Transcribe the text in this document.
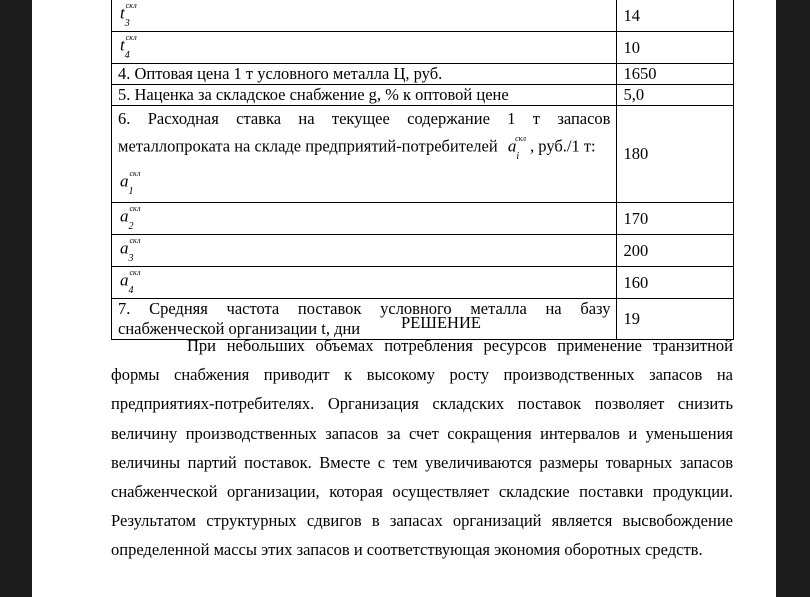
$t_3^{скл}$	14
$t_4^{скл}$	10
4. Оптовая цена 1 т условного металла Ц, руб.	1650
5. Наценка за складское снабжение g, % к оптовой цене	5,0

6. Расходная ставка на текущее содержание 1 т запасов
металлопроката на складе предприятий-потребителей $a_i^{скл}$ , руб./1 т:
$a_1^{скл}$	180
$a_2^{скл}$	170
$a_3^{скл}$	200
$a_4^{скл}$	160

7. Средняя частота поставок условного металла на базу
снабженческой организации t, дни	19
РЕШЕНИЕ

При небольших объемах потребления ресурсов применение транзитной формы снабжения приводит к высокому росту производственных запасов на предприятиях-потребителях. Организация складских поставок позволяет снизить величину производственных запасов за счет сокращения интервалов и уменьшения величины партий поставок. Вместе с тем увеличиваются размеры товарных запасов снабженческой организации, которая осуществляет складские поставки продукции. Результатом структурных сдвигов в запасах организаций является высвобождение определенной массы этих запасов и соответствующая экономия оборотных средств.
